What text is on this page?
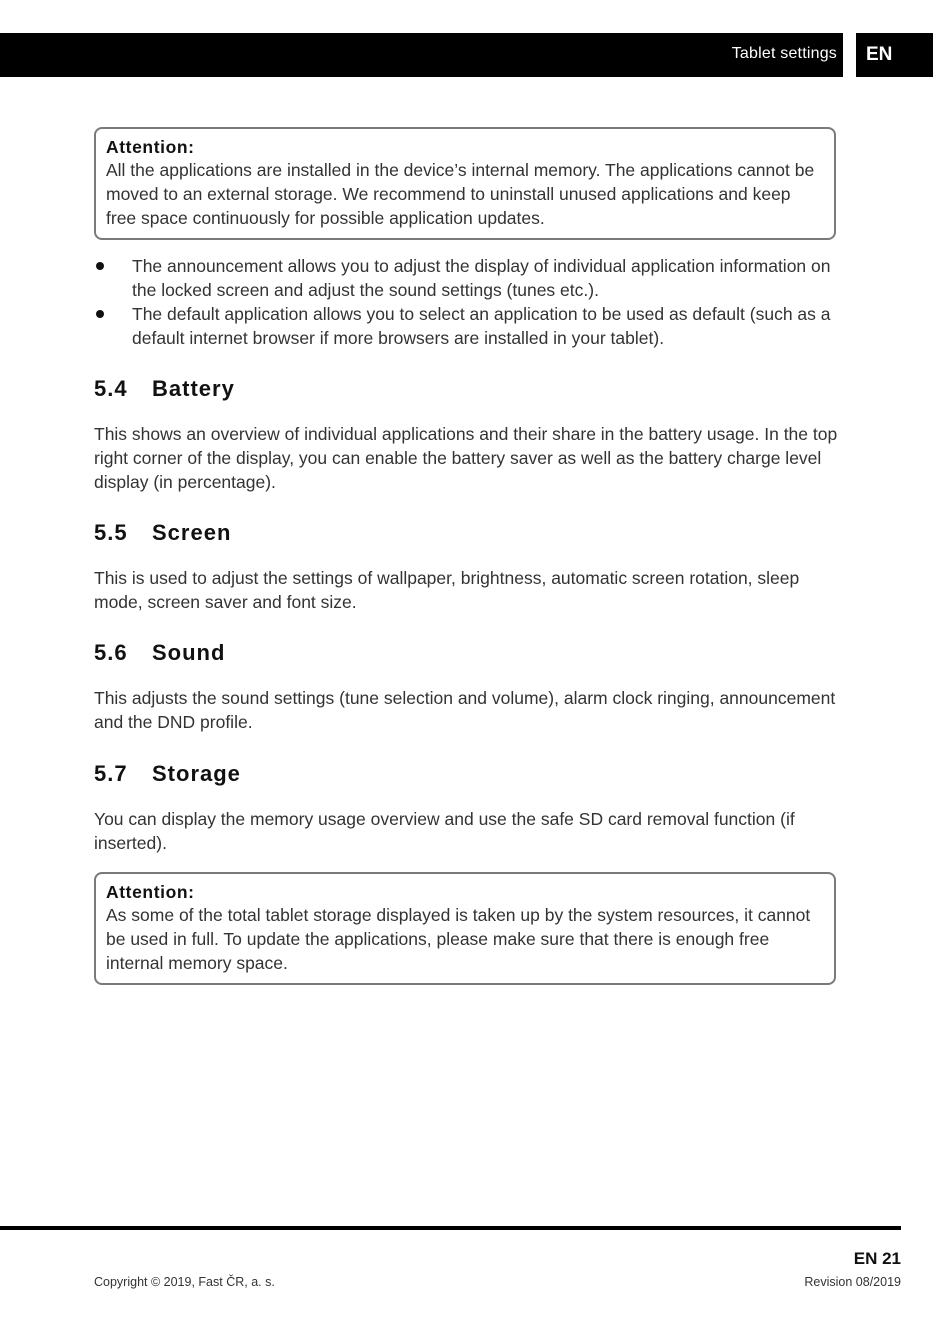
Tablet settings EN
Attention:
All the applications are installed in the device’s internal memory. The applications cannot be moved to an external storage. We recommend to uninstall unused applications and keep free space continuously for possible application updates.
The announcement allows you to adjust the display of individual application information on the locked screen and adjust the sound settings (tunes etc.).
The default application allows you to select an application to be used as default (such as a default internet browser if more browsers are installed in your tablet).
5.4 Battery
This shows an overview of individual applications and their share in the battery usage. In the top right corner of the display, you can enable the battery saver as well as the battery charge level display (in percentage).
5.5 Screen
This is used to adjust the settings of wallpaper, brightness, automatic screen rotation, sleep mode, screen saver and font size.
5.6 Sound
This adjusts the sound settings (tune selection and volume), alarm clock ringing, announcement and the DND profile.
5.7 Storage
You can display the memory usage overview and use the safe SD card removal function (if inserted).
Attention:
As some of the total tablet storage displayed is taken up by the system resources, it cannot be used in full. To update the applications, please make sure that there is enough free internal memory space.
Copyright © 2019, Fast ČR, a. s.
EN 21
Revision 08/2019
